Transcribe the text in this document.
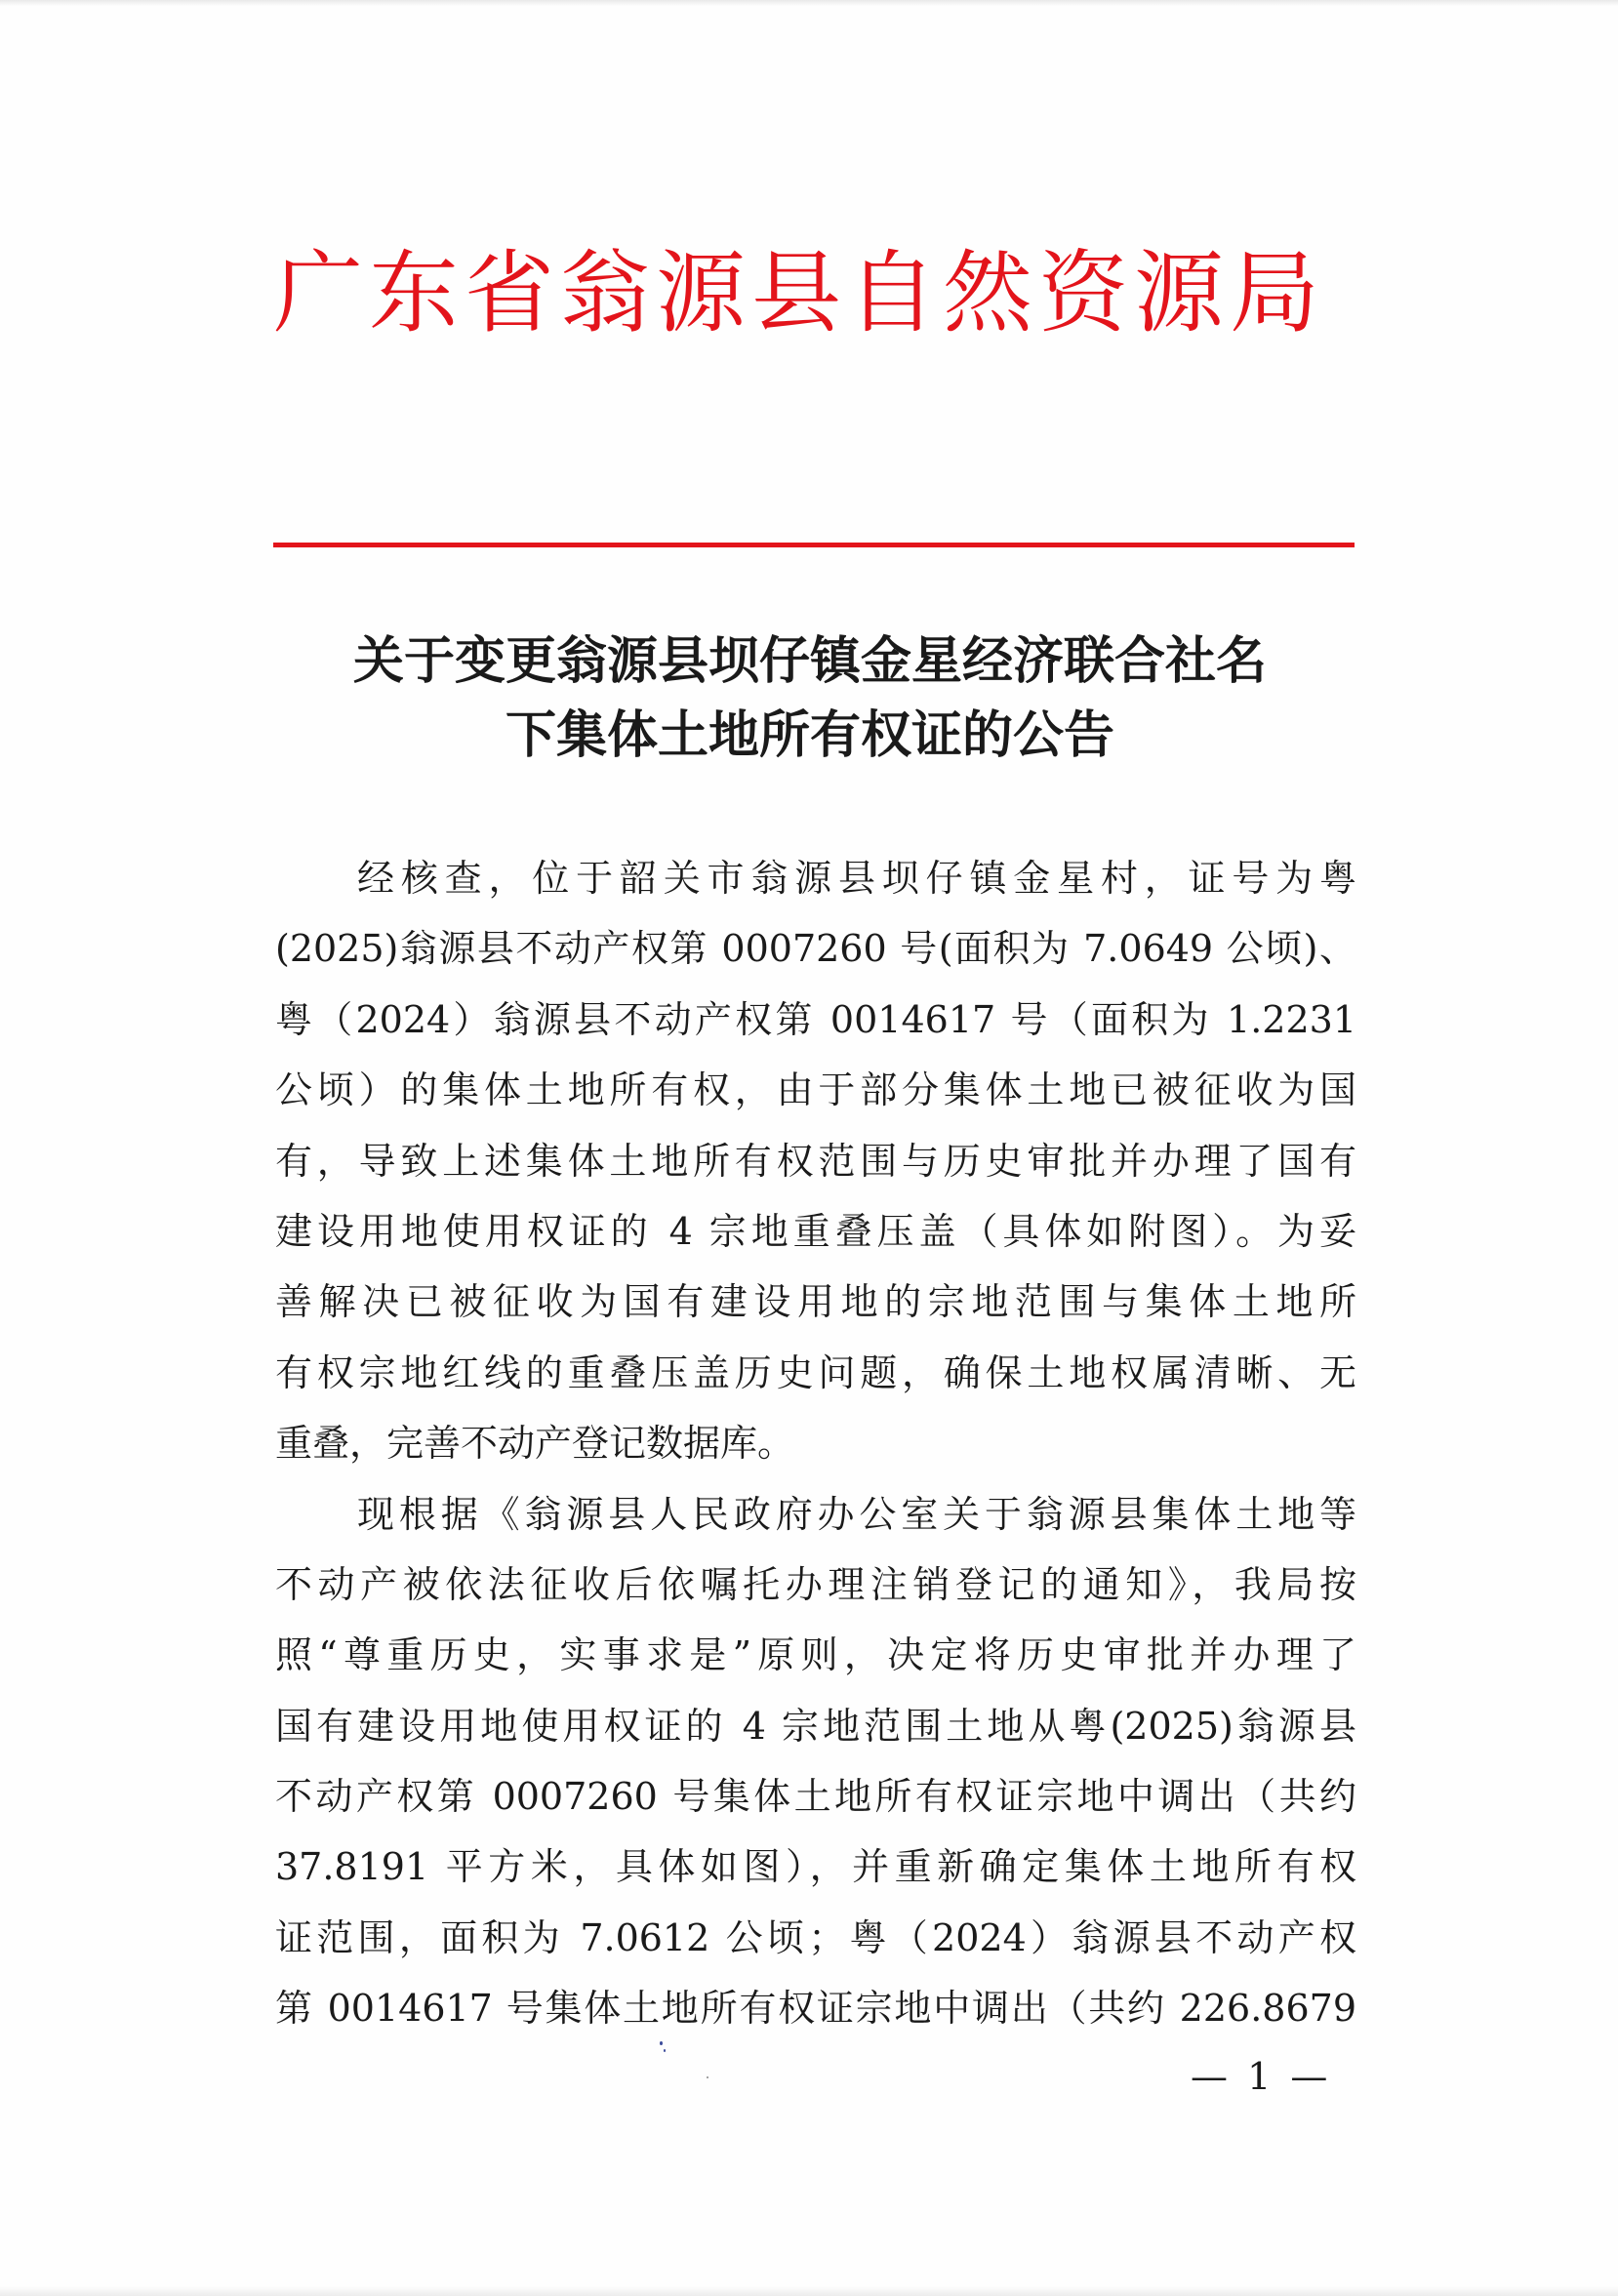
广东省翁源县自然资源局
关于变更翁源县坝仔镇金星经济联合社名
下集体土地所有权证的公告
经核查，位于韶关市翁源县坝仔镇金星村，证号为粤
(2025)翁源县不动产权第 0007260 号(面积为 7.0649 公顷)、
粤（2024）翁源县不动产权第 0014617 号（面积为 1.2231
公顷）的集体土地所有权，由于部分集体土地已被征收为国
有，导致上述集体土地所有权范围与历史审批并办理了国有
建设用地使用权证的 4 宗地重叠压盖（具体如附图）。为妥
善解决已被征收为国有建设用地的宗地范围与集体土地所
有权宗地红线的重叠压盖历史问题，确保土地权属清晰、无
重叠，完善不动产登记数据库。
现根据《翁源县人民政府办公室关于翁源县集体土地等
不动产被依法征收后依嘱托办理注销登记的通知》，我局按
照“尊重历史，实事求是”原则，决定将历史审批并办理了
国有建设用地使用权证的 4 宗地范围土地从粤(2025)翁源县
不动产权第 0007260 号集体土地所有权证宗地中调出（共约
37.8191 平方米，具体如图），并重新确定集体土地所有权
证范围，面积为 7.0612 公顷；粤（2024）翁源县不动产权
第 0014617 号集体土地所有权证宗地中调出（共约 226.8679
— 1 —
